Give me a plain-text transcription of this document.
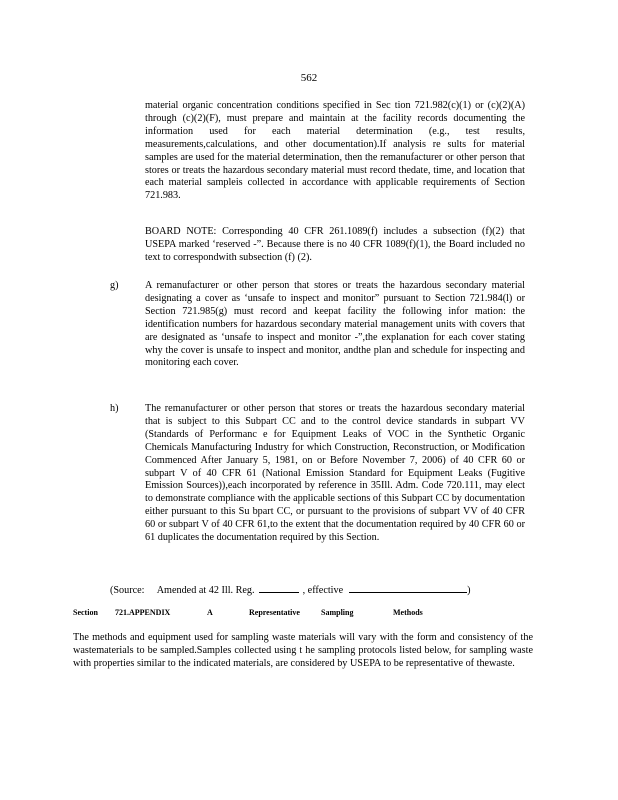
562
material organic concentration conditions specified in Sec tion 721.982(c)(1) or (c)(2)(A) through (c)(2)(F), must prepare and maintain at the facility records documenting the information used for each material determination (e.g., test results, measurements,calculations, and other documentation).If analysis re sults for material samples are used for the material determination, then the remanufacturer or other person that stores or treats the hazardous secondary material must record thedate, time, and location that each material sampleis collected in accordance with applicable requirements of Section 721.983.
BOARD NOTE: Corresponding 40 CFR 261.1089(f) includes a subsection (f)(2) that USEPA marked ‘reserved -”. Because there is no 40 CFR 1089(f)(1), the Board included no text to correspondwith subsection (f) (2).
g)	A remanufacturer or other person that stores or treats the hazardous secondary material designating a cover as ‘unsafe to inspect and monitor” pursuant to Section 721.984(l) or Section 721.985(g) must record and keepat facility the following infor mation: the identification numbers for hazardous secondary material management units with covers that are designated as ‘unsafe to inspect and monitor -”,the explanation for each cover stating why the cover is unsafe to inspect and monitor, andthe plan and schedule for inspecting and monitoring each cover.
h)	The remanufacturer or other person that stores or treats the hazardous secondary material that is subject to this Subpart CC and to the control device standards in subpart VV (Standards of Performanc e for Equipment Leaks of VOC in the Synthetic Organic Chemicals Manufacturing Industry for which Construction, Reconstruction, or Modification Commenced After January 5, 1981, on or Before November 7, 2006) of 40 CFR 60 or subpart V of 40 CFR 61 (National Emission Standard for Equipment Leaks (Fugitive Emission Sources)),each incorporated by reference in 35Ill. Adm. Code 720.111, may elect to demonstrate compliance with the applicable sections of this Subpart CC by documentation either pursuant to this Su bpart CC, or pursuant to the provisions of subpart VV of 40 CFR 60 or subpart V of 40 CFR 61,to the extent that the documentation required by 40 CFR 60 or 61 duplicates the documentation required by this Section.
(Source: Amended at 42 Ill. Reg.	, effective	)
Section 721.APPENDIX	A	Representative	Sampling	Methods
The methods and equipment used for sampling waste materials will vary with the form and consistency of the wastematerials to be sampled.Samples collected using t he sampling protocols listed below, for sampling waste with properties similar to the indicated materials, are considered by USEPA to be representative of thewaste.
